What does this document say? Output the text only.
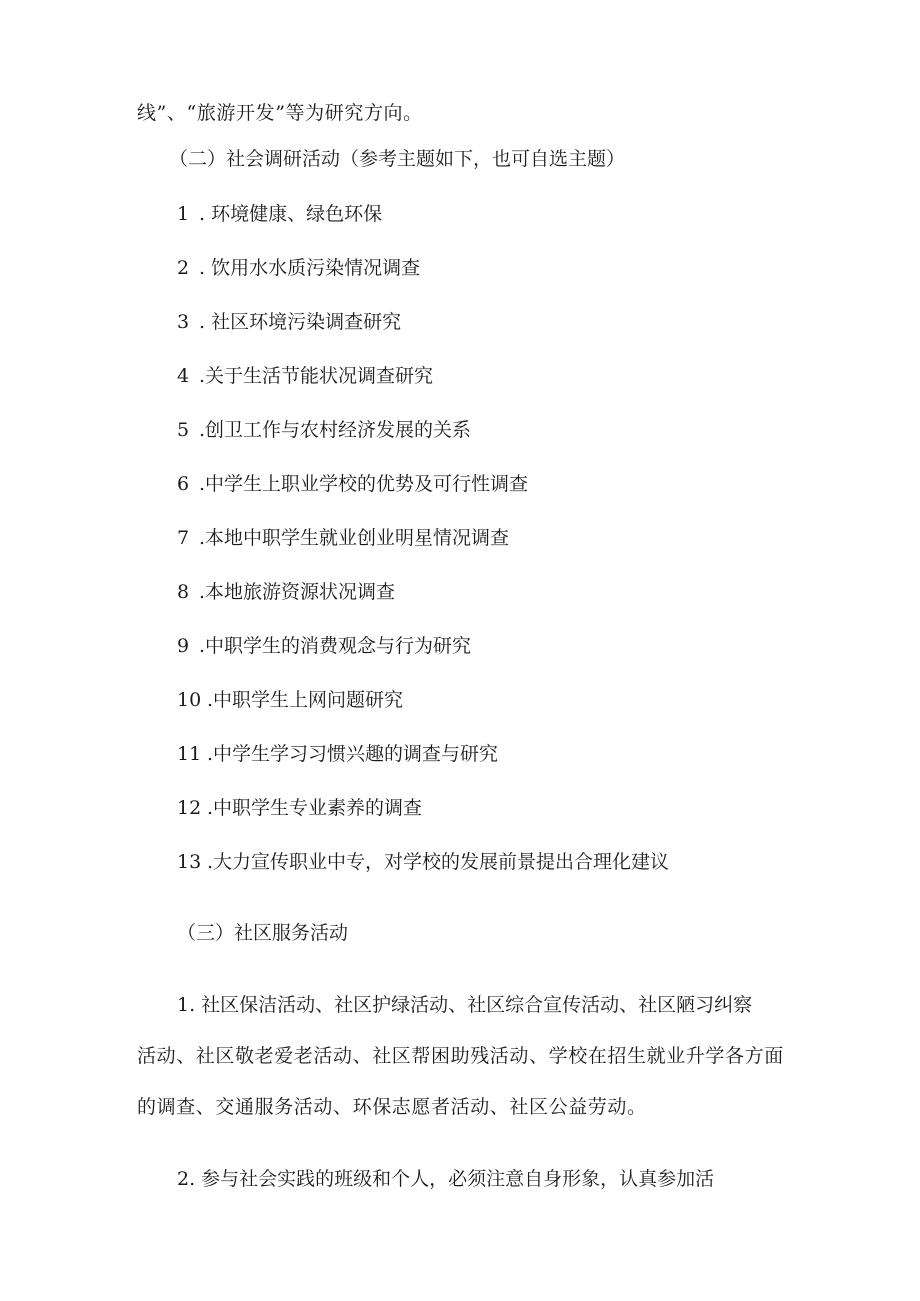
线”、“旅游开发”等为研究方向。
（二）社会调研活动（参考主题如下，也可自选主题）
1 . 环境健康、绿色环保
2 . 饮用水水质污染情况调查
3 . 社区环境污染调查研究
4 .关于生活节能状况调查研究
5 .创卫工作与农村经济发展的关系
6 .中学生上职业学校的优势及可行性调查
7 .本地中职学生就业创业明星情况调查
8 .本地旅游资源状况调查
9 .中职学生的消费观念与行为研究
10 .中职学生上网问题研究
11 .中学生学习习惯兴趣的调查与研究
12 .中职学生专业素养的调查
13 .大力宣传职业中专，对学校的发展前景提出合理化建议
（三）社区服务活动
1. 社区保洁活动、社区护绿活动、社区综合宣传活动、社区陋习纠察
活动、社区敬老爱老活动、社区帮困助残活动、学校在招生就业升学各方面
的调查、交通服务活动、环保志愿者活动、社区公益劳动。
2. 参与社会实践的班级和个人，必须注意自身形象，认真参加活
